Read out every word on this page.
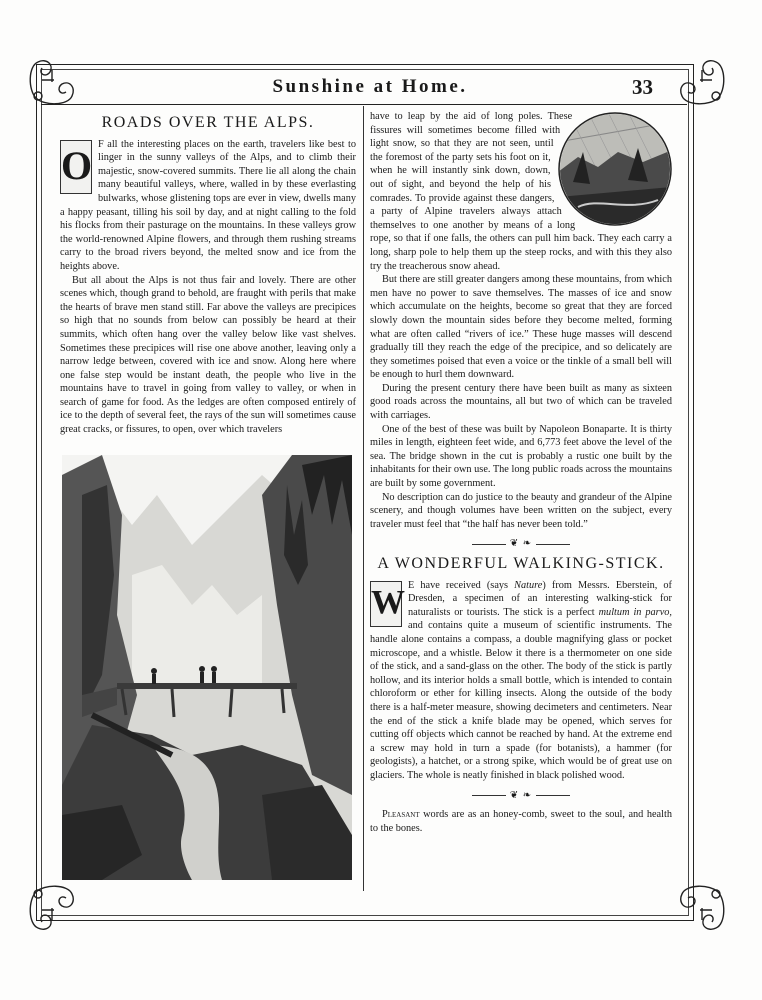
Sunshine at Home.	33
ROADS OVER THE ALPS.

O F all the interesting places on the earth, travelers like best to linger in the sunny valleys of the Alps, and to climb their majestic, snow-covered summits. There lie all along the chain many beautiful valleys, where, walled in by these everlasting bulwarks, whose glistening tops are ever in view, dwells many a happy peasant, tilling his soil by day, and at night calling to the fold his flocks from their pasturage on the mountains. In these valleys grow the world-renowned Alpine flowers, and through them rushing streams carry to the broad rivers beyond, the melted snow and ice from the heights above.

But all about the Alps is not thus fair and lovely. There are other scenes which, though grand to behold, are fraught with perils that make the hearts of brave men stand still. Far above the valleys are precipices so high that no sounds from below can possibly be heard at their summits, which often hang over the valley below like vast shelves. Sometimes these precipices will rise one above another, leaving only a narrow ledge between, covered with ice and snow. Along here where one false step would be instant death, the people who live in the mountains have to travel in going from valley to valley, or when in search of game for food. As the ledges are often composed entirely of ice to the depth of several feet, the rays of the sun will sometimes cause great cracks, or fissures, to open, over which travelers

have to leap by the aid of long poles. These fissures will sometimes become filled with light snow, so that they are not seen, until the foremost of the party sets his foot on it, when he will instantly sink down, down, out of sight, and beyond the help of his comrades. To provide against these dangers, a party of Alpine travelers always attach themselves to one another by means of a long rope, so that if one falls, the others can pull him back. They each carry a long, sharp pole to help them up the steep rocks, and with this they also try the treacherous snow ahead.

But there are still greater dangers among these mountains, from which men have no power to save themselves. The masses of ice and snow which accumulate on the heights, become so great that they are forced slowly down the mountain sides before they become melted, forming what are often called “rivers of ice.” These huge masses will descend gradually till they reach the edge of the precipice, and so delicately are they sometimes poised that even a voice or the tinkle of a small bell will be enough to hurl them downward.

During the present century there have been built as many as sixteen good roads across the mountains, all but two of which can be traveled with carriages.

One of the best of these was built by Napoleon Bonaparte. It is thirty miles in length, eighteen feet wide, and 6,773 feet above the level of the sea. The bridge shown in the cut is probably a rustic one built by the inhabitants for their own use. The long public roads across the mountains are built by some government.

No description can do justice to the beauty and grandeur of the Alpine scenery, and though volumes have been written on the subject, every traveler must feel that “the half has never been told.”

❦ ❧
A WONDERFUL WALKING-STICK.

W E have received (says Nature) from Messrs. Eberstein, of Dresden, a specimen of an interesting walking-stick for naturalists or tourists. The stick is a perfect multum in parvo, and contains quite a museum of scientific instruments. The handle alone contains a compass, a double magnifying glass or pocket microscope, and a whistle. Below it there is a thermometer on one side of the stick, and a sand-glass on the other. The body of the stick is partly hollow, and its interior holds a small bottle, which is intended to contain chloroform or ether for killing insects. Along the outside of the body there is a half-meter measure, showing decimeters and centimeters. Near the end of the stick a knife blade may be opened, which serves for cutting off objects which cannot be reached by hand. At the extreme end a screw may hold in turn a spade (for botanists), a hammer (for geologists), a hatchet, or a strong spike, which would be of great use on glaciers. The whole is neatly finished in black polished wood.

❦ ❧

Pleasant words are as an honey-comb, sweet to the soul, and health to the bones.
